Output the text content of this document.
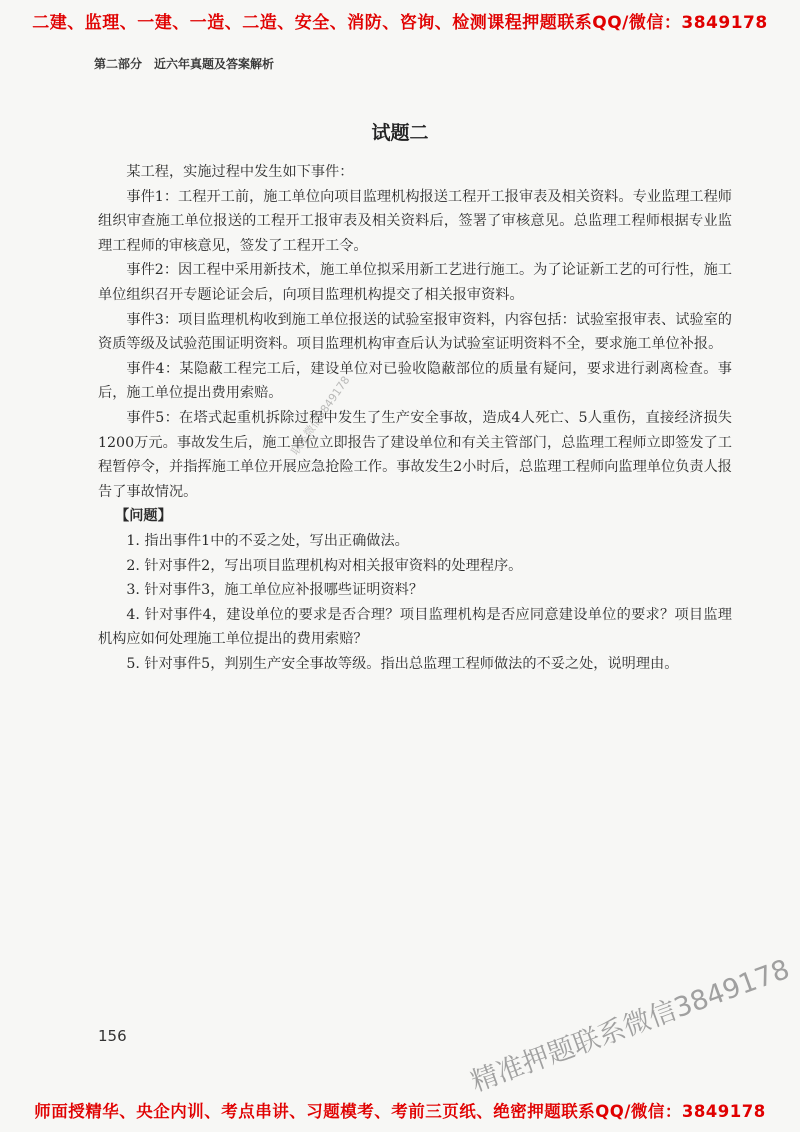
二建、监理、一建、一造、二造、安全、消防、咨询、检测课程押题联系QQ/微信：3849178
第二部分　近六年真题及答案解析
试题二

某工程，实施过程中发生如下事件：

事件1：工程开工前，施工单位向项目监理机构报送工程开工报审表及相关资料。专业监理工程师组织审查施工单位报送的工程开工报审表及相关资料后，签署了审核意见。总监理工程师根据专业监理工程师的审核意见，签发了工程开工令。

事件2：因工程中采用新技术，施工单位拟采用新工艺进行施工。为了论证新工艺的可行性，施工单位组织召开专题论证会后，向项目监理机构提交了相关报审资料。

事件3：项目监理机构收到施工单位报送的试验室报审资料，内容包括：试验室报审表、试验室的资质等级及试验范围证明资料。项目监理机构审查后认为试验室证明资料不全，要求施工单位补报。

事件4：某隐蔽工程完工后，建设单位对已验收隐蔽部位的质量有疑问，要求进行剥离检查。事后，施工单位提出费用索赔。

事件5：在塔式起重机拆除过程中发生了生产安全事故，造成4人死亡、5人重伤，直接经济损失1200万元。事故发生后，施工单位立即报告了建设单位和有关主管部门，总监理工程师立即签发了工程暂停令，并指挥施工单位开展应急抢险工作。事故发生2小时后，总监理工程师向监理单位负责人报告了事故情况。

【问题】

1. 指出事件1中的不妥之处，写出正确做法。

2. 针对事件2，写出项目监理机构对相关报审资料的处理程序。

3. 针对事件3，施工单位应补报哪些证明资料？

4. 针对事件4，建设单位的要求是否合理？项目监理机构是否应同意建设单位的要求？项目监理机构应如何处理施工单位提出的费用索赔？

5. 针对事件5，判别生产安全事故等级。指出总监理工程师做法的不妥之处，说明理由。

联系微信3849178
156	精准押题联系微信3849178
师面授精华、央企内训、考点串讲、习题模考、考前三页纸、绝密押题联系QQ/微信：3849178
